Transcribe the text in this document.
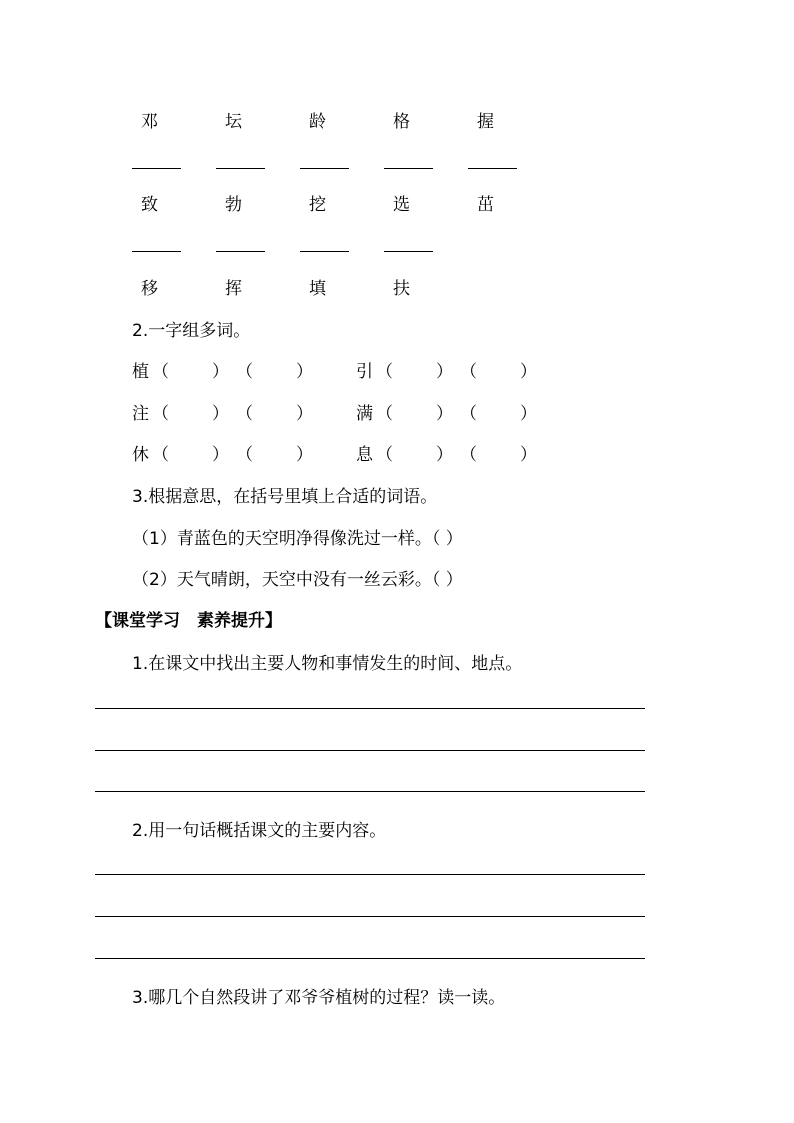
邓	坛	龄	格	握
致	勃	挖	选	茁
移	挥	填	扶
2.一字组多词。
植 （	） （	）	引 （	） （	）
注 （	） （	）	满 （	） （	）
休 （	） （	）	息 （	） （	）
3.根据意思，在括号里填上合适的词语。
（1）青蓝色的天空明净得像洗过一样。（ ）
（2）天气晴朗，天空中没有一丝云彩。（ ）
【课堂学习　素养提升】
1.在课文中找出主要人物和事情发生的时间、地点。
2.用一句话概括课文的主要内容。
3.哪几个自然段讲了邓爷爷植树的过程？读一读。
